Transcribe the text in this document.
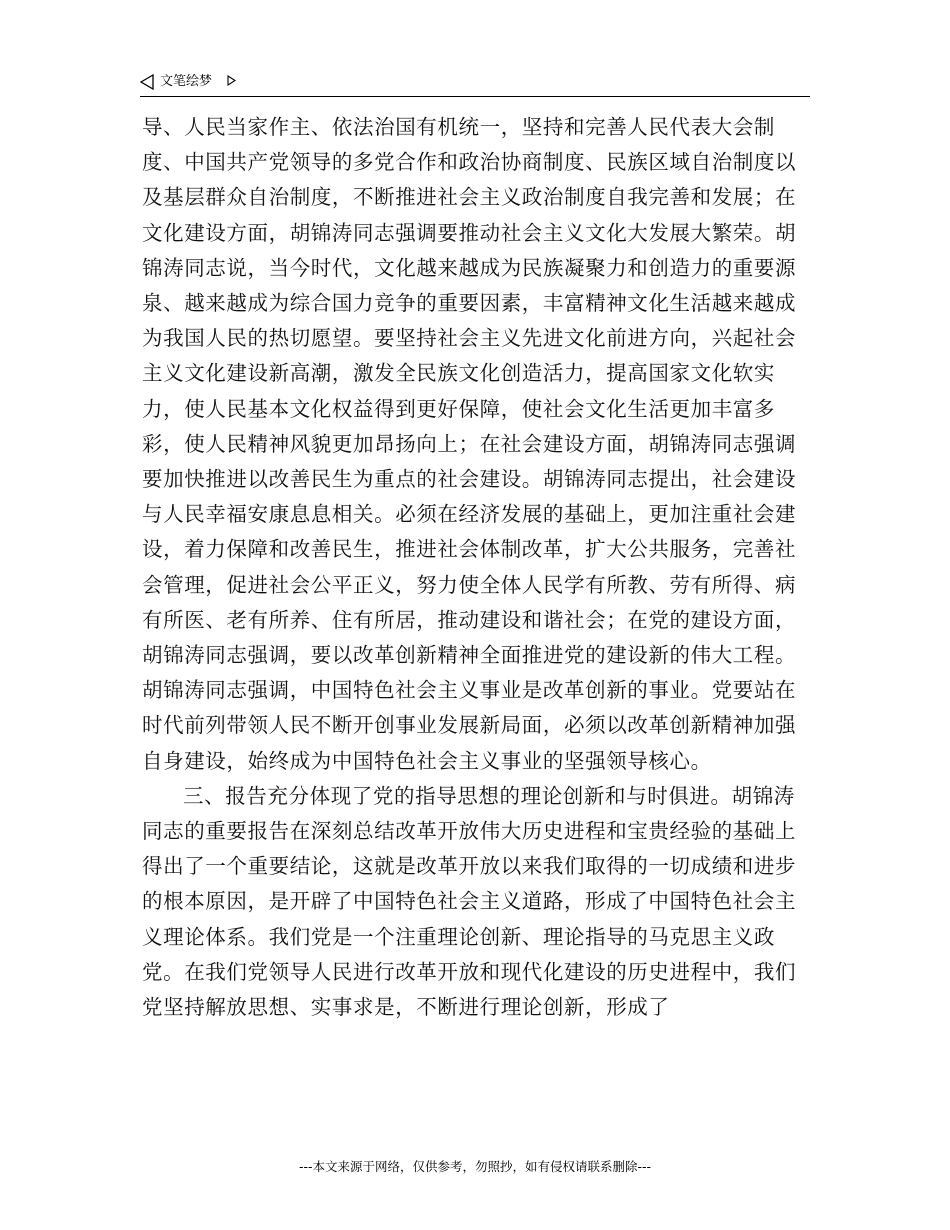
文笔绘梦

导、人民当家作主、依法治国有机统一，坚持和完善人民代表大会制度、中国共产党领导的多党合作和政治协商制度、民族区域自治制度以及基层群众自治制度，不断推进社会主义政治制度自我完善和发展；在文化建设方面，胡锦涛同志强调要推动社会主义文化大发展大繁荣。胡锦涛同志说，当今时代，文化越来越成为民族凝聚力和创造力的重要源泉、越来越成为综合国力竞争的重要因素，丰富精神文化生活越来越成为我国人民的热切愿望。要坚持社会主义先进文化前进方向，兴起社会主义文化建设新高潮，激发全民族文化创造活力，提高国家文化软实力，使人民基本文化权益得到更好保障，使社会文化生活更加丰富多彩，使人民精神风貌更加昂扬向上；在社会建设方面，胡锦涛同志强调要加快推进以改善民生为重点的社会建设。胡锦涛同志提出，社会建设与人民幸福安康息息相关。必须在经济发展的基础上，更加注重社会建设，着力保障和改善民生，推进社会体制改革，扩大公共服务，完善社会管理，促进社会公平正义，努力使全体人民学有所教、劳有所得、病有所医、老有所养、住有所居，推动建设和谐社会；在党的建设方面，胡锦涛同志强调，要以改革创新精神全面推进党的建设新的伟大工程。胡锦涛同志强调，中国特色社会主义事业是改革创新的事业。党要站在时代前列带领人民不断开创事业发展新局面，必须以改革创新精神加强自身建设，始终成为中国特色社会主义事业的坚强领导核心。

三、报告充分体现了党的指导思想的理论创新和与时俱进。胡锦涛同志的重要报告在深刻总结改革开放伟大历史进程和宝贵经验的基础上得出了一个重要结论，这就是改革开放以来我们取得的一切成绩和进步的根本原因，是开辟了中国特色社会主义道路，形成了中国特色社会主义理论体系。我们党是一个注重理论创新、理论指导的马克思主义政党。在我们党领导人民进行改革开放和现代化建设的历史进程中，我们党坚持解放思想、实事求是，不断进行理论创新，形成了

---本文来源于网络，仅供参考，勿照抄，如有侵权请联系删除---
